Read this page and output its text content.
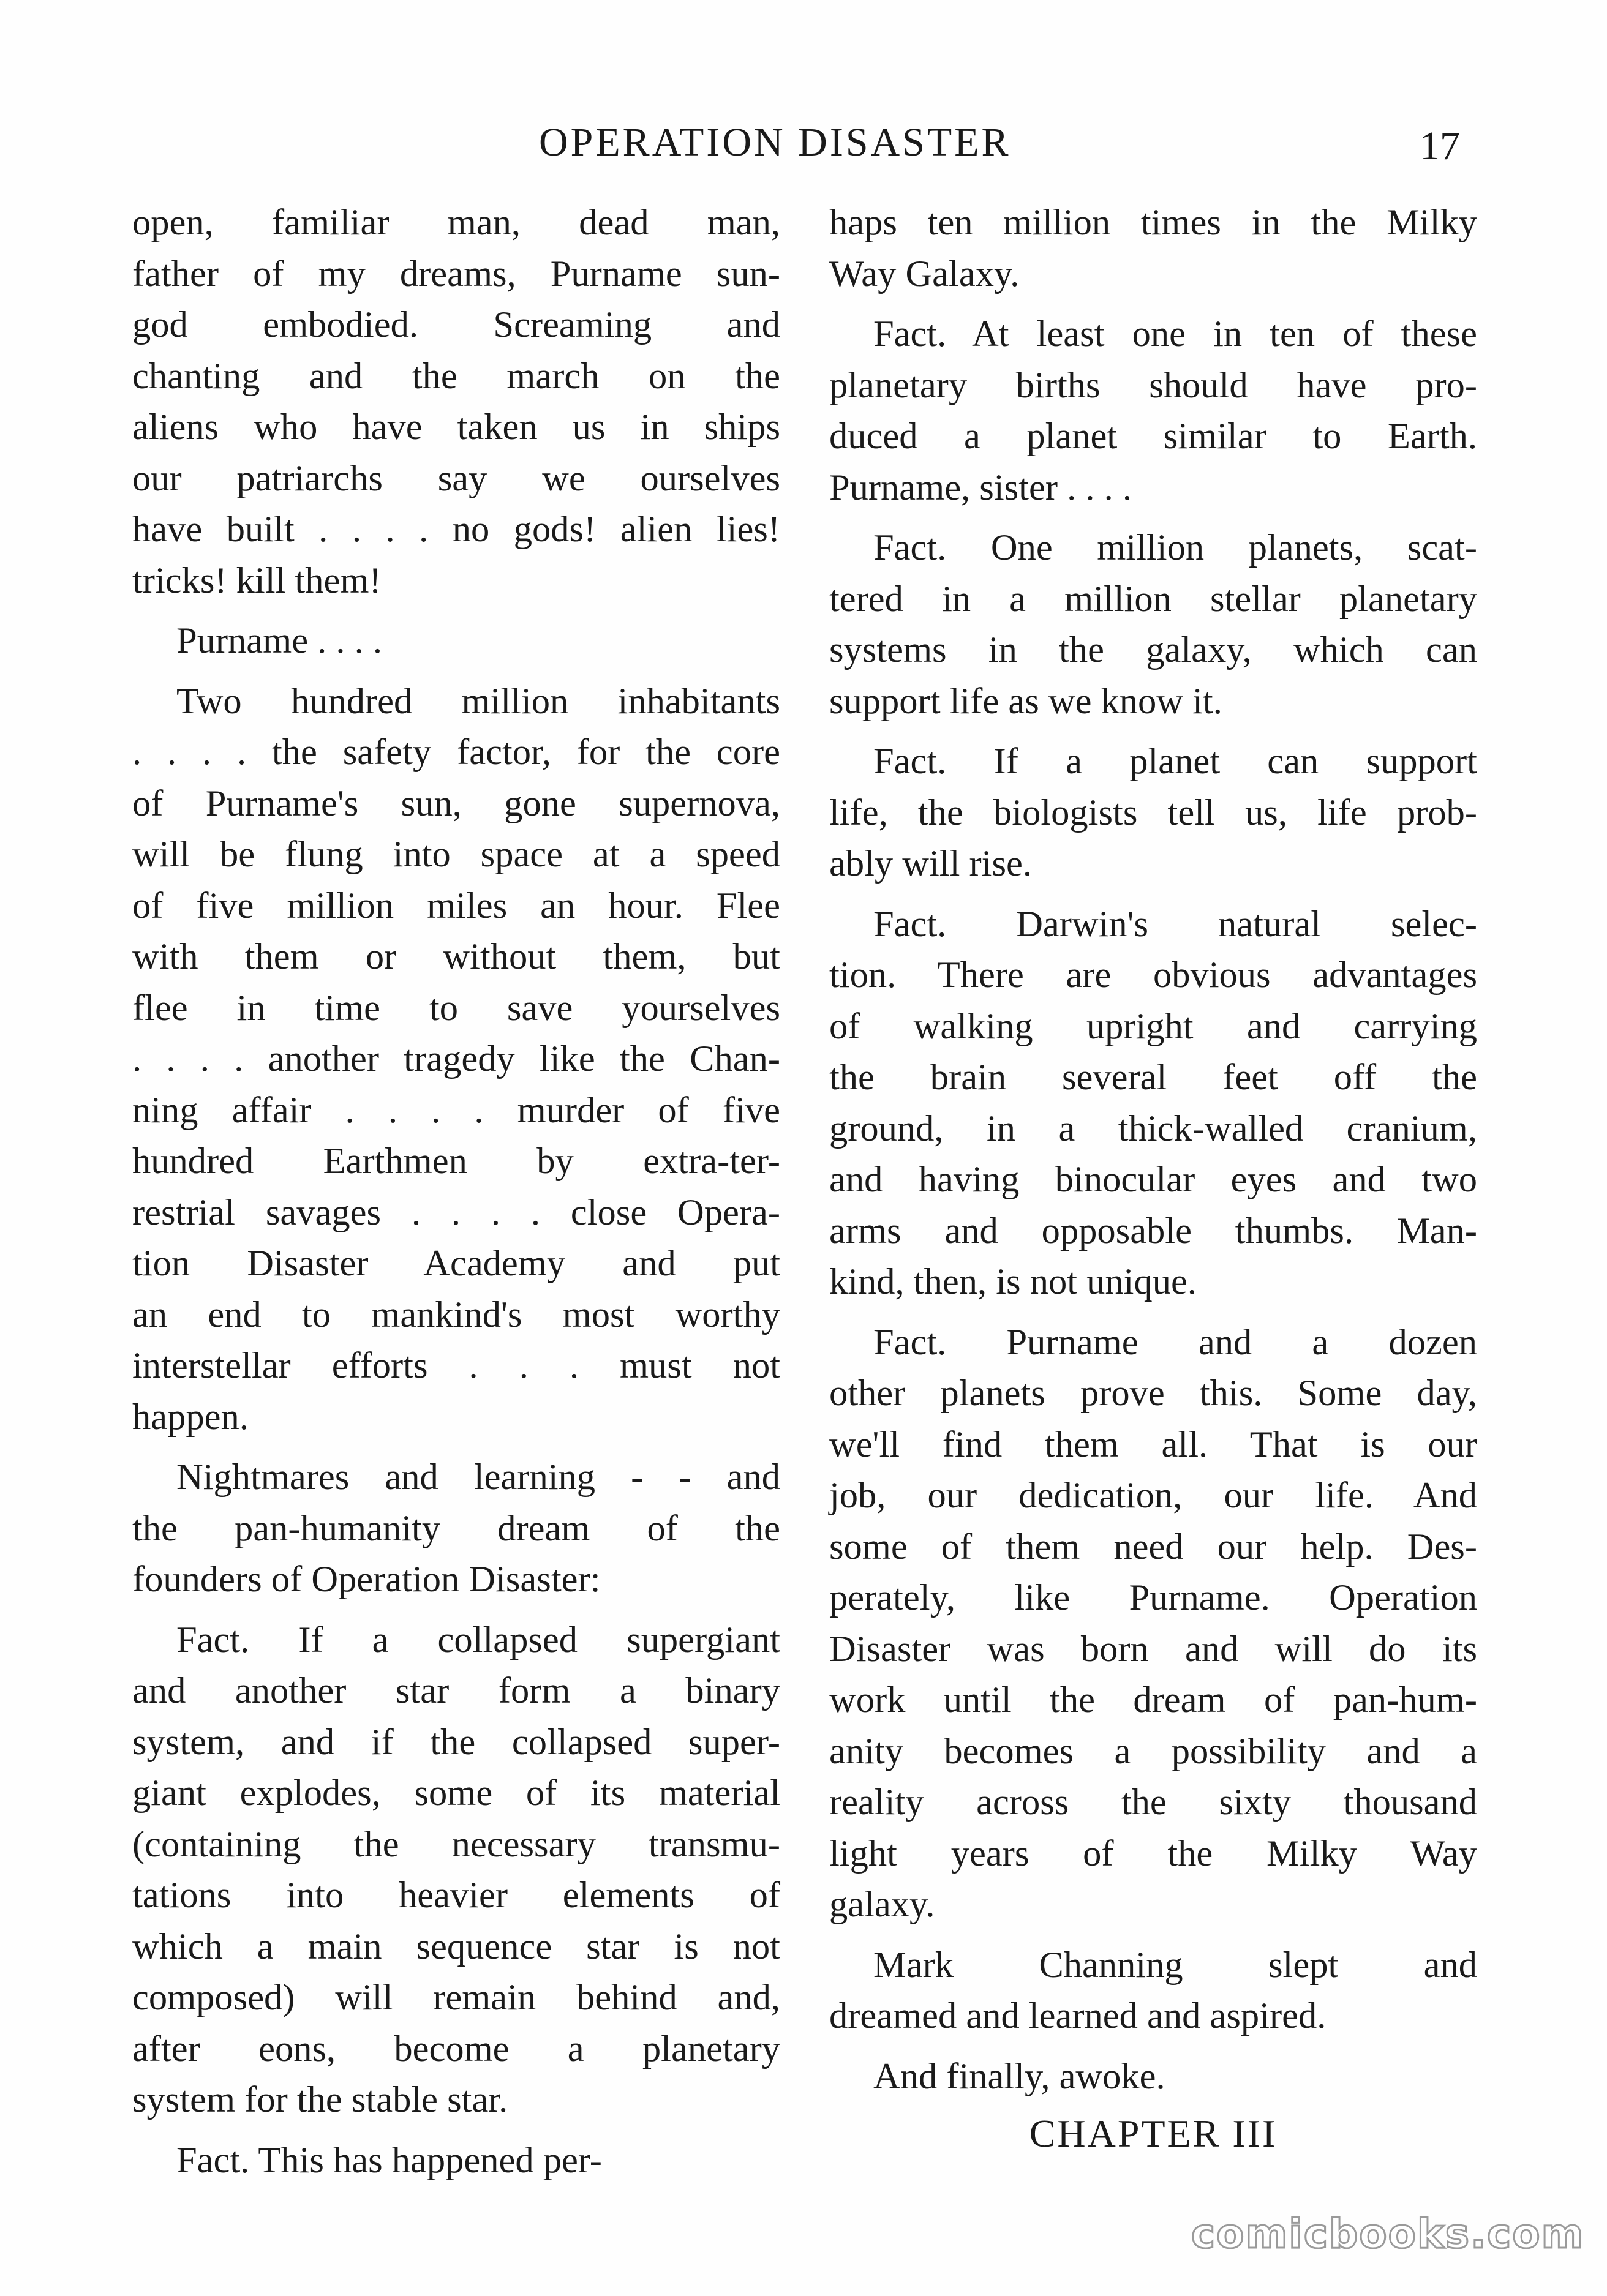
OPERATION DISASTER	17
open, familiar man, dead man,
father of my dreams, Purname sun-
god embodied. Screaming and
chanting and the march on the
aliens who have taken us in ships
our patriarchs say we ourselves
have built . . . . no gods! alien lies!
tricks! kill them!
Purname . . . .
Two hundred million inhabitants
. . . . the safety factor, for the core
of Purname's sun, gone supernova,
will be flung into space at a speed
of five million miles an hour. Flee
with them or without them, but
flee in time to save yourselves
. . . . another tragedy like the Chan-
ning affair . . . . murder of five
hundred Earthmen by extra-ter-
restrial savages . . . . close Opera-
tion Disaster Academy and put
an end to mankind's most worthy
interstellar efforts . . . must not
happen.
Nightmares and learning - - and
the pan-humanity dream of the
founders of Operation Disaster:
Fact. If a collapsed supergiant
and another star form a binary
system, and if the collapsed super-
giant explodes, some of its material
(containing the necessary transmu-
tations into heavier elements of
which a main sequence star is not
composed) will remain behind and,
after eons, become a planetary
system for the stable star.
Fact. This has happened per-
haps ten million times in the Milky
Way Galaxy.
Fact. At least one in ten of these
planetary births should have pro-
duced a planet similar to Earth.
Purname, sister . . . .
Fact. One million planets, scat-
tered in a million stellar planetary
systems in the galaxy, which can
support life as we know it.
Fact. If a planet can support
life, the biologists tell us, life prob-
ably will rise.
Fact. Darwin's natural selec-
tion. There are obvious advantages
of walking upright and carrying
the brain several feet off the
ground, in a thick-walled cranium,
and having binocular eyes and two
arms and opposable thumbs. Man-
kind, then, is not unique.
Fact. Purname and a dozen
other planets prove this. Some day,
we'll find them all. That is our
job, our dedication, our life. And
some of them need our help. Des-
perately, like Purname. Operation
Disaster was born and will do its
work until the dream of pan-hum-
anity becomes a possibility and a
reality across the sixty thousand
light years of the Milky Way
galaxy.
Mark Channing slept and
dreamed and learned and aspired.
And finally, awoke.
CHAPTER III
comicbooks.com
